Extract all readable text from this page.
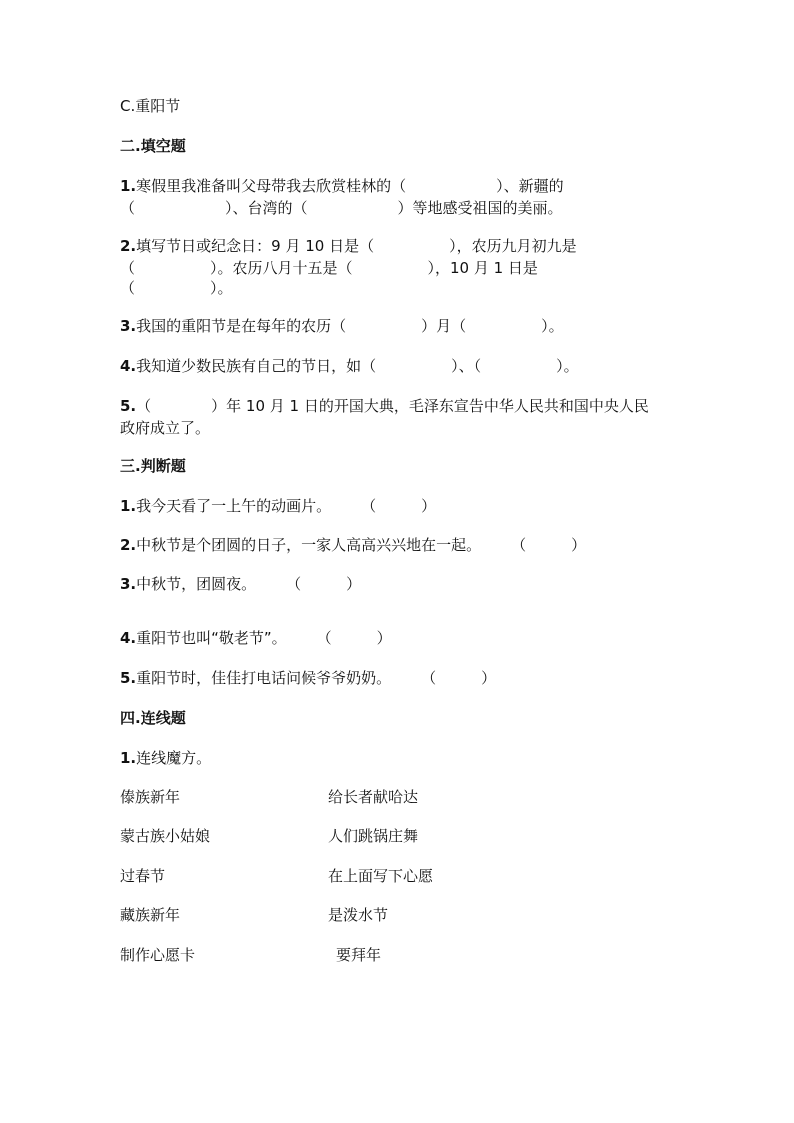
C.重阳节
二.填空题
1.寒假里我准备叫父母带我去欣赏桂林的（　　　　　　）、新疆的
（　　　　　　）、台湾的（　　　　　　）等地感受祖国的美丽。
2.填写节日或纪念日：9 月 10 日是（　　　　　），农历九月初九是
（　　　　　）。农历八月十五是（　　　　　），10 月 1 日是
（　　　　　）。
3.我国的重阳节是在每年的农历（　　　　　）月（　　　　　）。
4.我知道少数民族有自己的节日，如（　　　　　）、（　　　　　）。
5.（　　　　）年 10 月 1 日的开国大典，毛泽东宣告中华人民共和国中央人民
政府成立了。
三.判断题
1.我今天看了一上午的动画片。　　　（　　　）
2.中秋节是个团圆的日子，一家人高高兴兴地在一起。　　　（　　　）
3.中秋节，团圆夜。　　　（　　　）
4.重阳节也叫“敬老节”。　　　（　　　）
5.重阳节时，佳佳打电话问候爷爷奶奶。　　　（　　　）
四.连线题
1.连线魔方。
傣族新年	给长者献哈达
蒙古族小姑娘	人们跳锅庄舞
过春节	在上面写下心愿
藏族新年	是泼水节
制作心愿卡	要拜年
